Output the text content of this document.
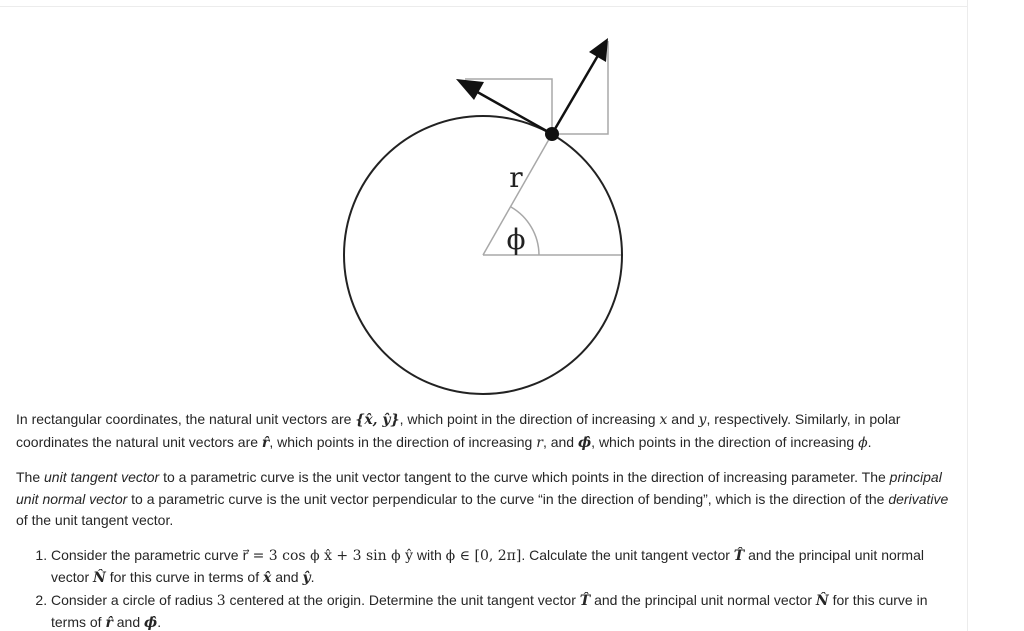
r
ϕ

In rectangular coordinates, the natural unit vectors are {x̂, ŷ}, which point in the direction of increasing x and y, respectively. Similarly, in polar coordinates the natural unit vectors are r̂, which points in the direction of increasing r, and ϕ̂, which points in the direction of increasing ϕ.

The unit tangent vector to a parametric curve is the unit vector tangent to the curve which points in the direction of increasing parameter. The principal unit normal vector to a parametric curve is the unit vector perpendicular to the curve “in the direction of bending”, which is the direction of the derivative of the unit tangent vector.

1. Consider the parametric curve r⃗ = 3 cos ϕ x̂ + 3 sin ϕ ŷ with ϕ ∈ [0, 2π]. Calculate the unit tangent vector T̂ and the principal unit normal vector N̂ for this curve in terms of x̂ and ŷ.
2. Consider a circle of radius 3 centered at the origin. Determine the unit tangent vector T̂ and the principal unit normal vector N̂ for this curve in terms of r̂ and ϕ̂.
